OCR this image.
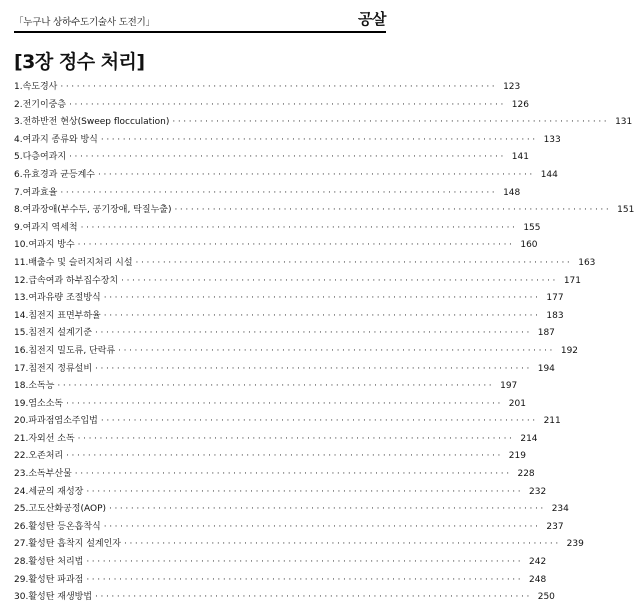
「누구나 상하수도기술사 도전기」	공살
[3장 정수 처리]
1.속도경사 ················································································ 123
2.전기이중층 ················································································ 126
3.전하반전 현상(Sweep flocculation) ················································································ 131
4.여과지 종류와 방식 ················································································ 133
5.다층여과지 ················································································ 141
6.유효경과 균등계수 ················································································ 144
7.여과효율 ················································································ 148
8.여과장애(부수두, 공기장애, 탁질누출) ················································································ 151
9.여과지 역세척 ················································································ 155
10.여과지 방수 ················································································ 160
11.배출수 및 슬러지처리 시설 ················································································ 163
12.급속여과 하부집수장치 ················································································ 171
13.여과유량 조절방식 ················································································ 177
14.침전지 표면부하율 ················································································ 183
15.침전지 설계기준 ················································································ 187
16.침전지 밀도류, 단락류 ················································································ 192
17.침전지 정류설비 ················································································ 194
18.소독능 ················································································ 197
19.염소소독 ················································································ 201
20.파과점염소주입법 ················································································ 211
21.자외선 소독 ················································································ 214
22.오존처리 ················································································ 219
23.소독부산물 ················································································ 228
24.세균의 재성장 ················································································ 232
25.고도산화공정(AOP) ················································································ 234
26.활성탄 등온흡착식 ················································································ 237
27.활성탄 흡착지 설계인자 ················································································ 239
28.활성탄 처리법 ················································································ 242
29.활성탄 파과점 ················································································ 248
30.활성탄 재생방법 ················································································ 250
